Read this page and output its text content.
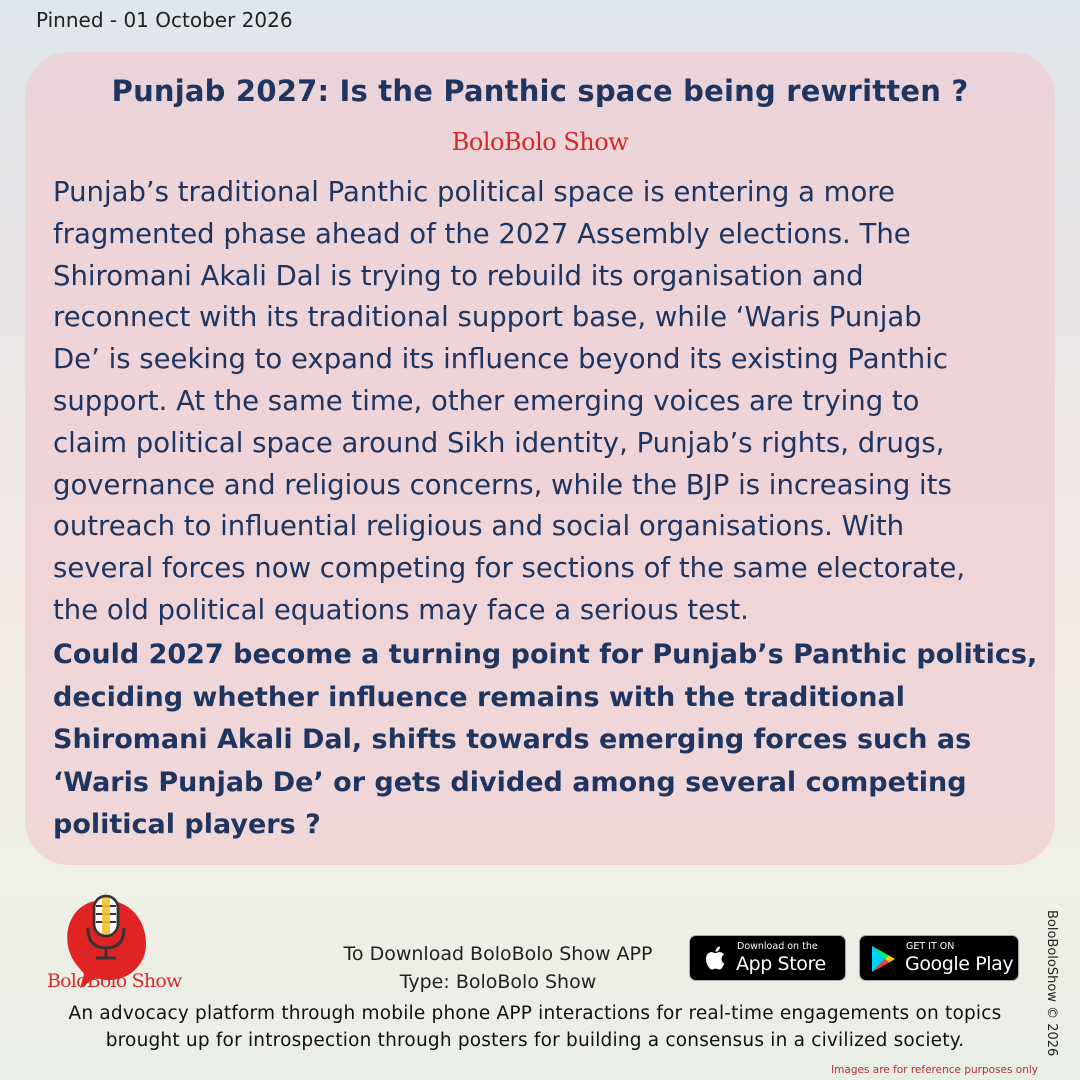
Pinned - 01 October 2026
Punjab 2027: Is the Panthic space being rewritten ?
BoloBolo Show

Punjab’s traditional Panthic political space is entering a more
fragmented phase ahead of the 2027 Assembly elections. The
Shiromani Akali Dal is trying to rebuild its organisation and
reconnect with its traditional support base, while ‘Waris Punjab
De’ is seeking to expand its influence beyond its existing Panthic
support. At the same time, other emerging voices are trying to
claim political space around Sikh identity, Punjab’s rights, drugs,
governance and religious concerns, while the BJP is increasing its
outreach to influential religious and social organisations. With
several forces now competing for sections of the same electorate,
the old political equations may face a serious test.

Could 2027 become a turning point for Punjab’s Panthic politics,
deciding whether influence remains with the traditional
Shiromani Akali Dal, shifts towards emerging forces such as
‘Waris Punjab De’ or gets divided among several competing
political players ?

BoloBolo Show
To Download BoloBolo Show APP
Type: BoloBolo Show
Download on the
App Store
GET IT ON
Google Play
An advocacy platform through mobile phone APP interactions for real-time engagements on topics
brought up for introspection through posters for building a consensus in a civilized society.	BoloBoloShow © 2026
Images are for reference purposes only
